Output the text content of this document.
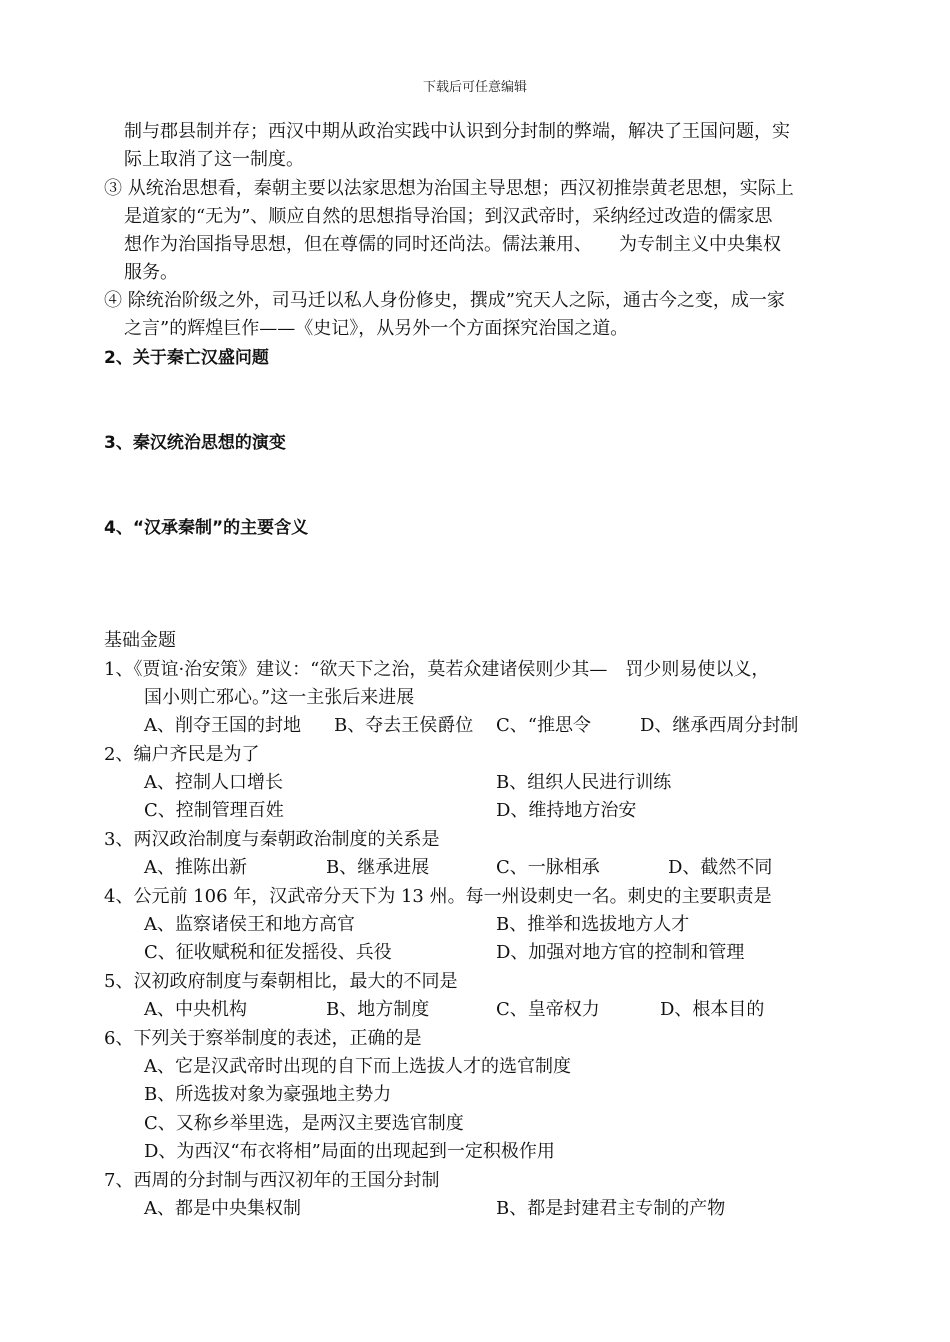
下载后可任意编辑
制与郡县制并存；西汉中期从政治实践中认识到分封制的弊端，解决了王国问题，实
际上取消了这一制度。
③ 从统治思想看，秦朝主要以法家思想为治国主导思想；西汉初推崇黄老思想，实际上
是道家的“无为”、顺应自然的思想指导治国；到汉武帝时，采纳经过改造的儒家思
想作为治国指导思想，但在尊儒的同时还尚法。儒法兼用、　　为专制主义中央集权
服务。
④ 除统治阶级之外，司马迁以私人身份修史，撰成”究天人之际，通古今之变，成一家
之言”的辉煌巨作——《史记》，从另外一个方面探究治国之道。
2、关于秦亡汉盛问题
3、秦汉统治思想的演变
4、“汉承秦制”的主要含义
基础金题
1、《贾谊·治安策》建议：“欲天下之治，莫若众建诸侯则少其—　罚少则易使以义，
国小则亡邪心。”这一主张后来进展
A、削夺王国的封地 B、夺去王侯爵位 C、“推思令	D、继承西周分封制
2、编户齐民是为了
A、控制人口增长	B、组织人民进行训练
C、控制管理百姓	D、维持地方治安
3、两汉政治制度与秦朝政治制度的关系是
A、推陈出新	B、继承进展	C、一脉相承	D、截然不同
4、公元前 106 年，汉武帝分天下为 13 州。每一州设刺史一名。刺史的主要职责是
A、监察诸侯王和地方高官	B、推举和选拔地方人才
C、征收赋税和征发摇役、兵役	D、加强对地方官的控制和管理
5、汉初政府制度与秦朝相比，最大的不同是
A、中央机构	B、地方制度	C、皇帝权力	D、根本目的
6、下列关于察举制度的表述，正确的是
A、它是汉武帝时出现的自下而上选拔人才的选官制度
B、所选拔对象为豪强地主势力
C、又称乡举里选，是两汉主要选官制度
D、为西汉“布衣将相”局面的出现起到一定积极作用
7、西周的分封制与西汉初年的王国分封制
A、都是中央集权制	B、都是封建君主专制的产物
